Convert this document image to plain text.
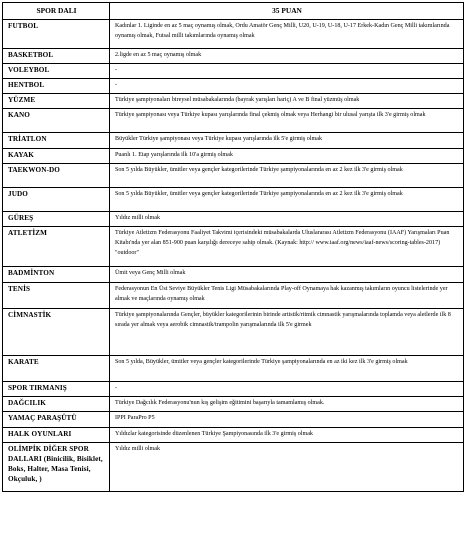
SPOR DALI	35 PUAN
FUTBOL	Kadınlar 1. Liginde en az 5 maç oynamış olmak, Ordu Amatör Genç Milli, U20, U-19, U-18, U-17 Erkek-Kadın Genç Milli takımlarında oynamış olmak, Futsal milli takımlarında oynamış olmak
BASKETBOL	2.ligde en az 5 maç oynamış olmak
VOLEYBOL	-
HENTBOL	-
YÜZME	Türkiye şampiyonaları bireysel müsabakalarında (bayrak yarışları hariç) A ve B final yüzmüş olmak
KANO	Türkiye şampiyonası veya Türkiye kupası yarışlarında final çekmiş olmak veya Herhangi bir ulusal yarışta ilk 3'e girmiş olmak
TRİATLON	Büyükler Türkiye şampiyonası veya Türkiye kupası yarışlarında ilk 5'e girmiş olmak
KAYAK	Puanlı 1. Etap yarışlarında ilk 10'a girmiş olmak
TAEKWON-DO	Son 5 yılda Büyükler, ümitler veya gençler kategorilerinde Türkiye şampiyonalarında en az 2 kez ilk 3'e girmiş olmak
JUDO	Son 5 yılda Büyükler, ümitler veya gençler kategorilerinde Türkiye şampiyonalarında en az 2 kez ilk 3'e girmiş olmak
GÜREŞ	Yıldız milli olmak
ATLETİZM	Türkiye Atletizm Federasyonu Faaliyet Takvimi içerisindeki müsabakalarda Uluslararası Atletizm Federasyonu (IAAF) Yarışmaları Puan Kitabı'nda yer alan 851-900 puan karşılığı dereceye sahip olmak. (Kaynak: http:// www.iaaf.org/news/iaaf-news/scoring-tables-2017) "outdoor"
BADMİNTON	Ümit veya Genç Milli olmak
TENİS	Federasyonun En Üst Seviye Büyükler Tenis Ligi Müsabakalarında Play-off Oynamaya hak kazanmış takımların oyuncu listelerinde yer almak ve maçlarında oynamış olmak
CİMNASTİK	Türkiye şampiyonalarında Gençler, büyükler kategorilerinin birinde artistik/ritmik cimnastik yarışmalarında toplamda veya aletlerde ilk 8 sırada yer almak veya aerobik cimnastik/trampolin yarışmalarında ilk 5'e girmek
KARATE	Son 5 yılda, Büyükler, ümitler veya gençler kategorilerinde Türkiye şampiyonalarında en az iki kez ilk 3'e girmiş olmak
SPOR TIRMANIŞ	-
DAĞCILIK	Türkiye Dağcılık Federasyonu'nun kış gelişim eğitimini başarıyla tamamlamış olmak.
YAMAÇ PARAŞÜTÜ	IPPI ParaPro P5
HALK OYUNLARI	Yıldızlar kategorisinde düzenlenen Türkiye Şampiyonasında ilk 3'e girmiş olmak
OLİMPİK DİĞER SPOR DALLARI (Binicilik, Bisiklet, Boks, Halter, Masa Tenisi, Okçuluk, )	Yıldız milli olmak
